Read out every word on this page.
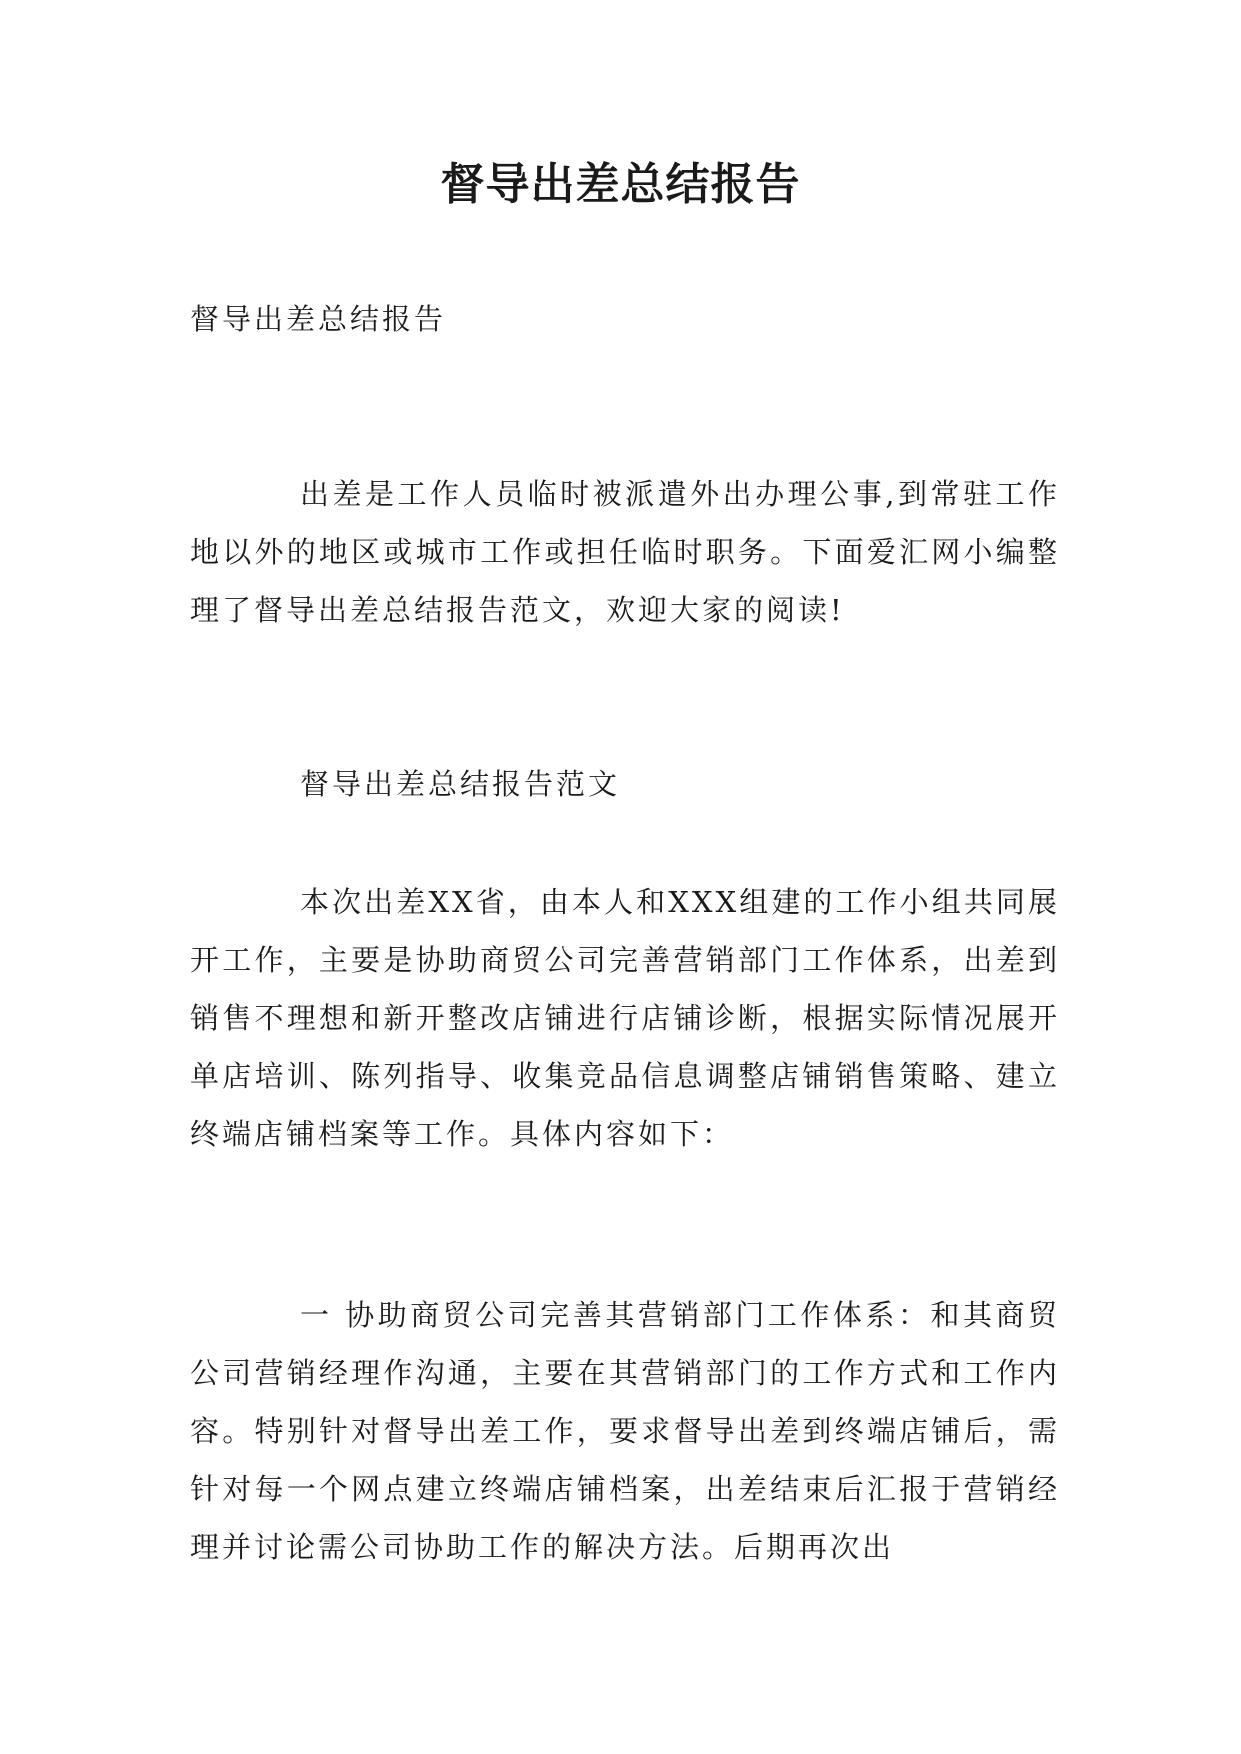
督导出差总结报告

督导出差总结报告

出差是工作人员临时被派遣外出办理公事,到常驻工作地以外的地区或城市工作或担任临时职务。下面爱汇网小编整理了督导出差总结报告范文，欢迎大家的阅读!

督导出差总结报告范文

本次出差XX省，由本人和XXX组建的工作小组共同展开工作，主要是协助商贸公司完善营销部门工作体系，出差到销售不理想和新开整改店铺进行店铺诊断，根据实际情况展开单店培训、陈列指导、收集竞品信息调整店铺销售策略、建立终端店铺档案等工作。具体内容如下：

一 协助商贸公司完善其营销部门工作体系：和其商贸公司营销经理作沟通，主要在其营销部门的工作方式和工作内容。特别针对督导出差工作，要求督导出差到终端店铺后，需针对每一个网点建立终端店铺档案，出差结束后汇报于营销经理并讨论需公司协助工作的解决方法。后期再次出
